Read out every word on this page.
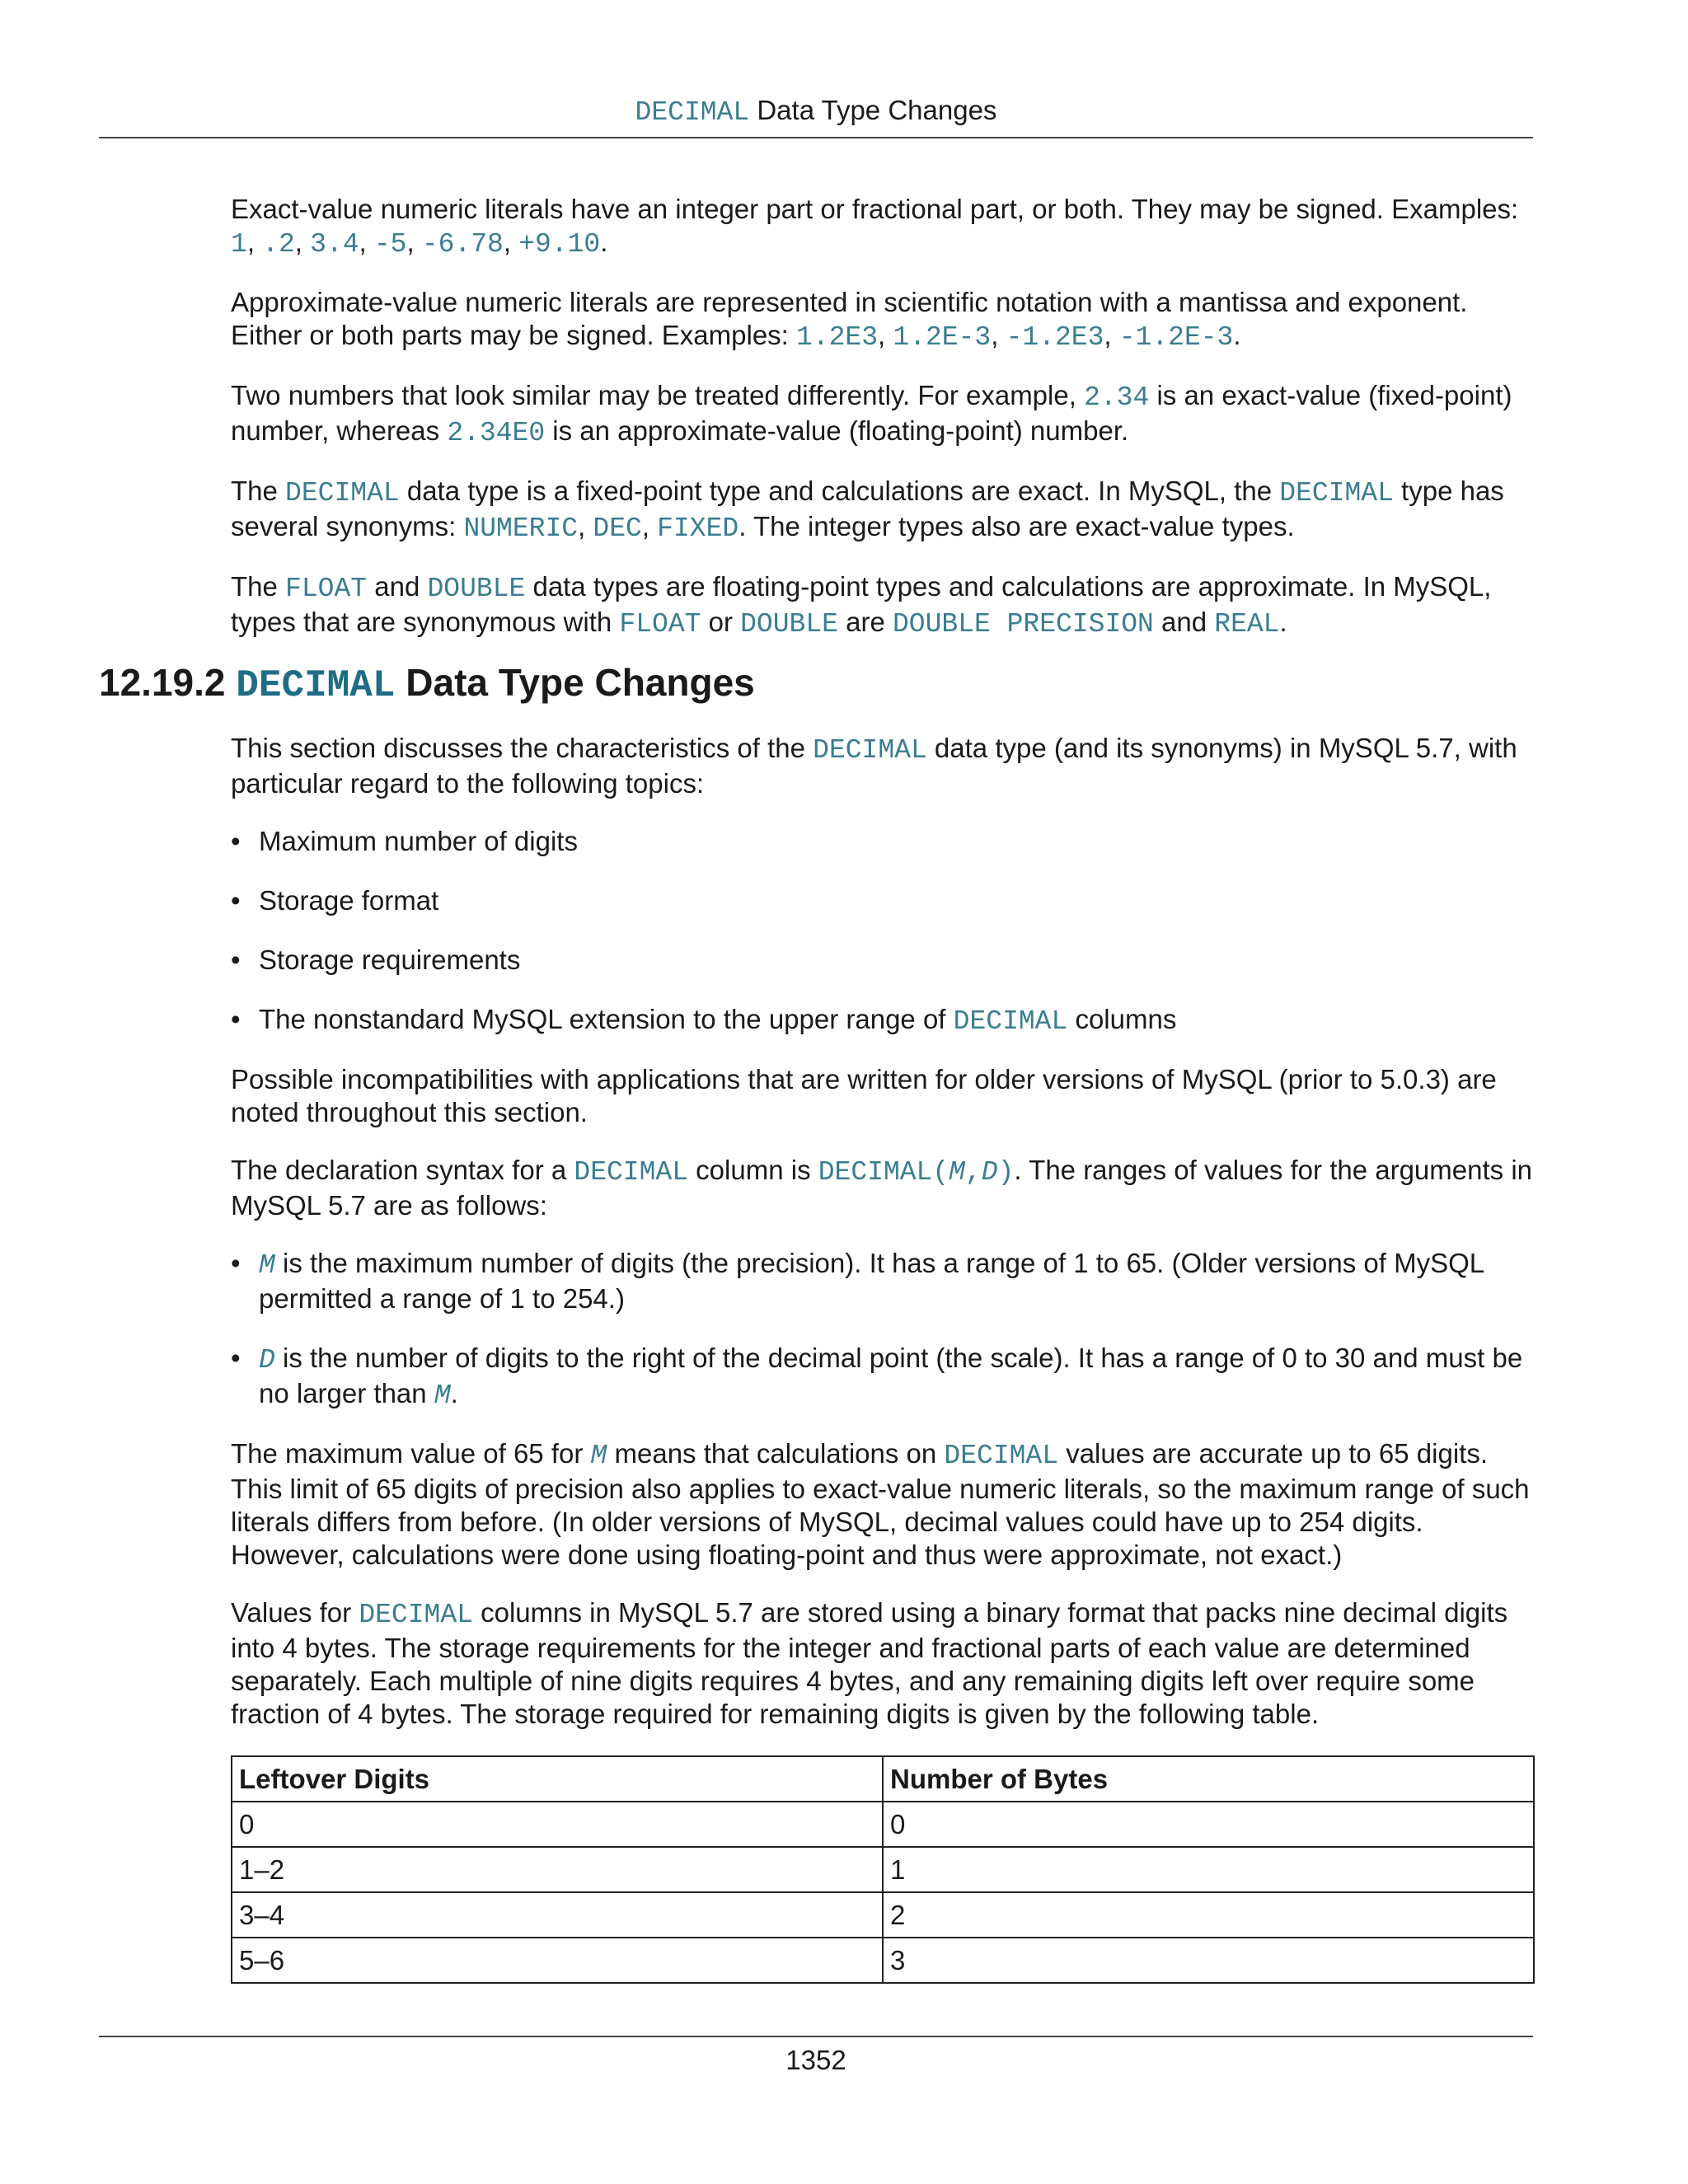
DECIMAL Data Type Changes

Exact-value numeric literals have an integer part or fractional part, or both. They may be signed. Examples: 1, .2, 3.4, -5, -6.78, +9.10.

Approximate-value numeric literals are represented in scientific notation with a mantissa and exponent. Either or both parts may be signed. Examples: 1.2E3, 1.2E-3, -1.2E3, -1.2E-3.

Two numbers that look similar may be treated differently. For example, 2.34 is an exact-value (fixed-point) number, whereas 2.34E0 is an approximate-value (floating-point) number.

The DECIMAL data type is a fixed-point type and calculations are exact. In MySQL, the DECIMAL type has several synonyms: NUMERIC, DEC, FIXED. The integer types also are exact-value types.

The FLOAT and DOUBLE data types are floating-point types and calculations are approximate. In MySQL, types that are synonymous with FLOAT or DOUBLE are DOUBLE PRECISION and REAL.

12.19.2 DECIMAL Data Type Changes

This section discusses the characteristics of the DECIMAL data type (and its synonyms) in MySQL 5.7, with particular regard to the following topics:

• Maximum number of digits
• Storage format
• Storage requirements
• The nonstandard MySQL extension to the upper range of DECIMAL columns

Possible incompatibilities with applications that are written for older versions of MySQL (prior to 5.0.3) are noted throughout this section.

The declaration syntax for a DECIMAL column is DECIMAL(M,D). The ranges of values for the arguments in MySQL 5.7 are as follows:

• M is the maximum number of digits (the precision). It has a range of 1 to 65. (Older versions of MySQL permitted a range of 1 to 254.)
• D is the number of digits to the right of the decimal point (the scale). It has a range of 0 to 30 and must be no larger than M.

The maximum value of 65 for M means that calculations on DECIMAL values are accurate up to 65 digits. This limit of 65 digits of precision also applies to exact-value numeric literals, so the maximum range of such literals differs from before. (In older versions of MySQL, decimal values could have up to 254 digits. However, calculations were done using floating-point and thus were approximate, not exact.)

Values for DECIMAL columns in MySQL 5.7 are stored using a binary format that packs nine decimal digits into 4 bytes. The storage requirements for the integer and fractional parts of each value are determined separately. Each multiple of nine digits requires 4 bytes, and any remaining digits left over require some fraction of 4 bytes. The storage required for remaining digits is given by the following table.

Leftover Digits	Number of Bytes
0	0
1–2	1
3–4	2
5–6	3
1352
